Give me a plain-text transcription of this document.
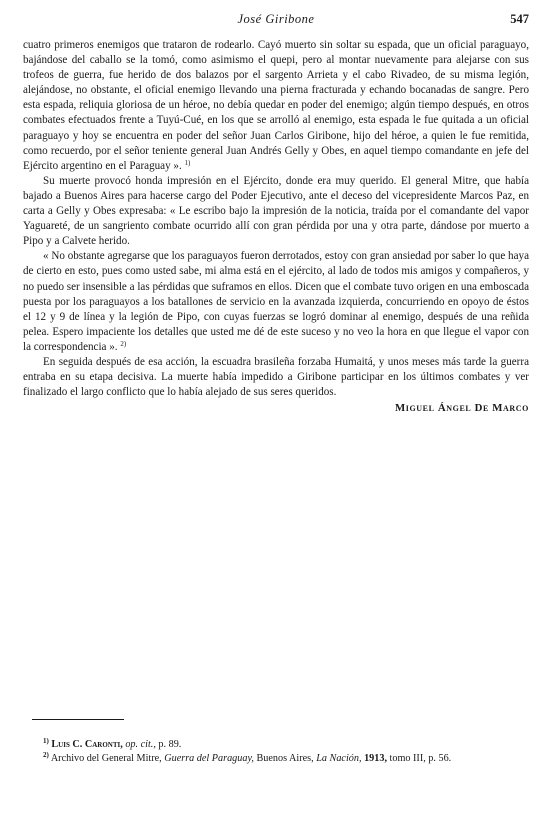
José Giribone	547

cuatro primeros enemigos que trataron de rodearlo. Cayó muerto sin soltar su espada, que un oficial paraguayo, bajándose del caballo se la tomó, como asimismo el quepi, pero al montar nuevamente para alejarse con sus trofeos de guerra, fue herido de dos balazos por el sargento Arrieta y el cabo Rivadeo, de su misma legión, alejándose, no obstante, el oficial enemigo llevando una pierna fracturada y echando bocanadas de sangre. Pero esta espada, reliquia gloriosa de un héroe, no debía quedar en poder del enemigo; algún tiempo después, en otros combates efectuados frente a Tuyú-Cué, en los que se arrolló al enemigo, esta espada le fue quitada a un oficial paraguayo y hoy se encuentra en poder del señor Juan Carlos Giribone, hijo del héroe, a quien le fue remitida, como recuerdo, por el señor teniente general Juan Andrés Gelly y Obes, en aquel tiempo comandante en jefe del Ejército argentino en el Paraguay ». $^{1)}$

Su muerte provocó honda impresión en el Ejército, donde era muy querido. El general Mitre, que había bajado a Buenos Aires para hacerse cargo del Poder Ejecutivo, ante el deceso del vicepresidente Marcos Paz, en carta a Gelly y Obes expresaba: « Le escribo bajo la impresión de la noticia, traída por el comandante del vapor Yaguareté, de un sangriento combate ocurrido allí con gran pérdida por una y otra parte, dándose por muerto a Pipo y a Calvete herido.

« No obstante agregarse que los paraguayos fueron derrotados, estoy con gran ansiedad por saber lo que haya de cierto en esto, pues como usted sabe, mi alma está en el ejército, al lado de todos mis amigos y compañeros, y no puedo ser insensible a las pérdidas que suframos en ellos. Dicen que el combate tuvo origen en una emboscada puesta por los paraguayos a los batallones de servicio en la avanzada izquierda, concurriendo en opoyo de éstos el 12 y 9 de línea y la legión de Pipo, con cuyas fuerzas se logró dominar al enemigo, después de una reñida pelea. Espero impaciente los detalles que usted me dé de este suceso y no veo la hora en que llegue el vapor con la correspondencia ». $^{2)}$

En seguida después de esa acción, la escuadra brasileña forzaba Humaitá, y unos meses más tarde la guerra entraba en su etapa decisiva. La muerte había impedido a Giribone participar en los últimos combates y ver finalizado el largo conflicto que lo había alejado de sus seres queridos.

Miguel Ángel De Marco

$^{1)}$ Luis C. Caronti, op. cit., p. 89.

$^{2)}$ Archivo del General Mitre, Guerra del Paraguay, Buenos Aires, La Nación, 1913, tomo III, p. 56.
